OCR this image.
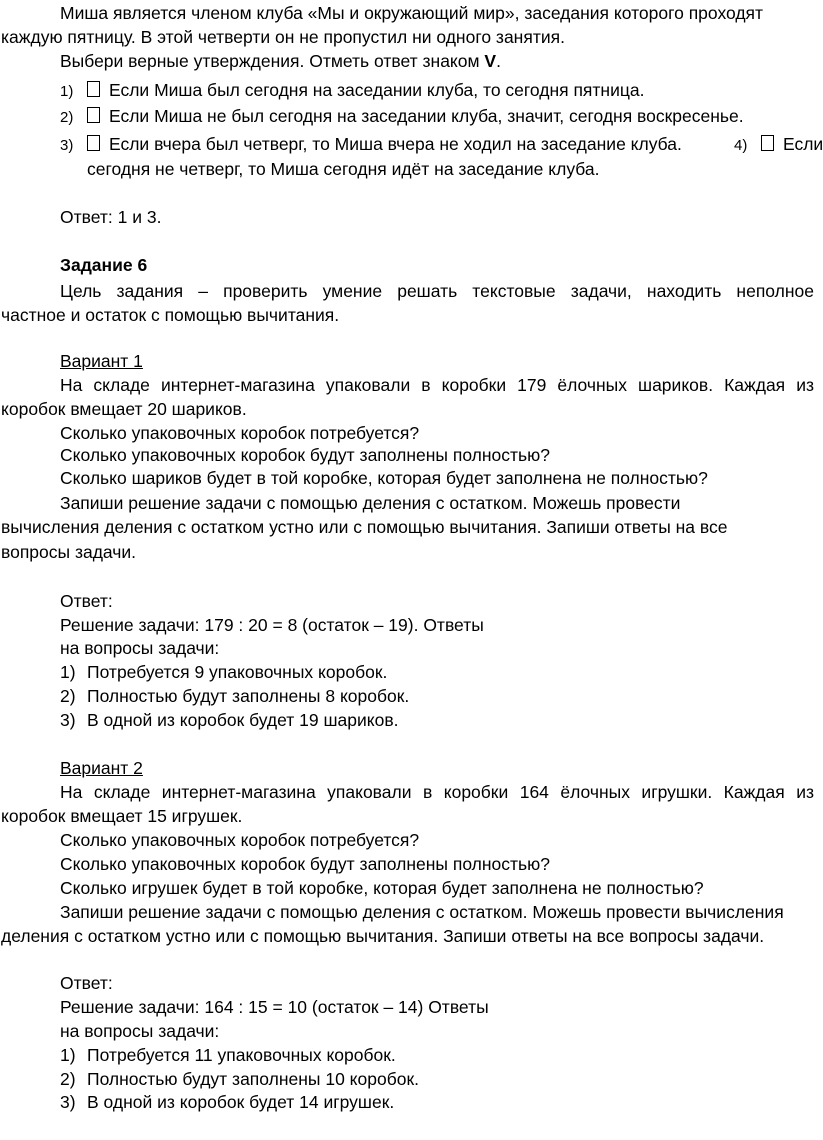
Миша является членом клуба «Мы и окружающий мир», заседания которого проходят
каждую пятницу. В этой четверти он не пропустил ни одного занятия.
Выбери верные утверждения. Отметь ответ знаком V.
1) Если Миша был сегодня на заседании клуба, то сегодня пятница.
2) Если Миша не был сегодня на заседании клуба, значит, сегодня воскресенье.
3) Если вчера был четверг, то Миша вчера не ходил на заседание клуба.	4) Если
сегодня не четверг, то Миша сегодня идёт на заседание клуба.
Ответ: 1 и 3.
Задание 6
Цель задания – проверить умение решать текстовые задачи, находить неполное
частное и остаток с помощью вычитания.
Вариант 1
На складе интернет-магазина упаковали в коробки 179 ёлочных шариков. Каждая из
коробок вмещает 20 шариков.
Сколько упаковочных коробок потребуется?
Сколько упаковочных коробок будут заполнены полностью?
Сколько шариков будет в той коробке, которая будет заполнена не полностью?
Запиши решение задачи с помощью деления с остатком. Можешь провести
вычисления деления с остатком устно или с помощью вычитания. Запиши ответы на все
вопросы задачи.
Ответ:
Решение задачи: 179 : 20 = 8 (остаток – 19). Ответы
на вопросы задачи:
1) Потребуется 9 упаковочных коробок.
2) Полностью будут заполнены 8 коробок.
3) В одной из коробок будет 19 шариков.
Вариант 2
На складе интернет-магазина упаковали в коробки 164 ёлочных игрушки. Каждая из
коробок вмещает 15 игрушек.
Сколько упаковочных коробок потребуется?
Сколько упаковочных коробок будут заполнены полностью?
Сколько игрушек будет в той коробке, которая будет заполнена не полностью?
Запиши решение задачи с помощью деления с остатком. Можешь провести вычисления
деления с остатком устно или с помощью вычитания. Запиши ответы на все вопросы задачи.
Ответ:
Решение задачи: 164 : 15 = 10 (остаток – 14) Ответы
на вопросы задачи:
1) Потребуется 11 упаковочных коробок.
2) Полностью будут заполнены 10 коробок.
3) В одной из коробок будет 14 игрушек.
